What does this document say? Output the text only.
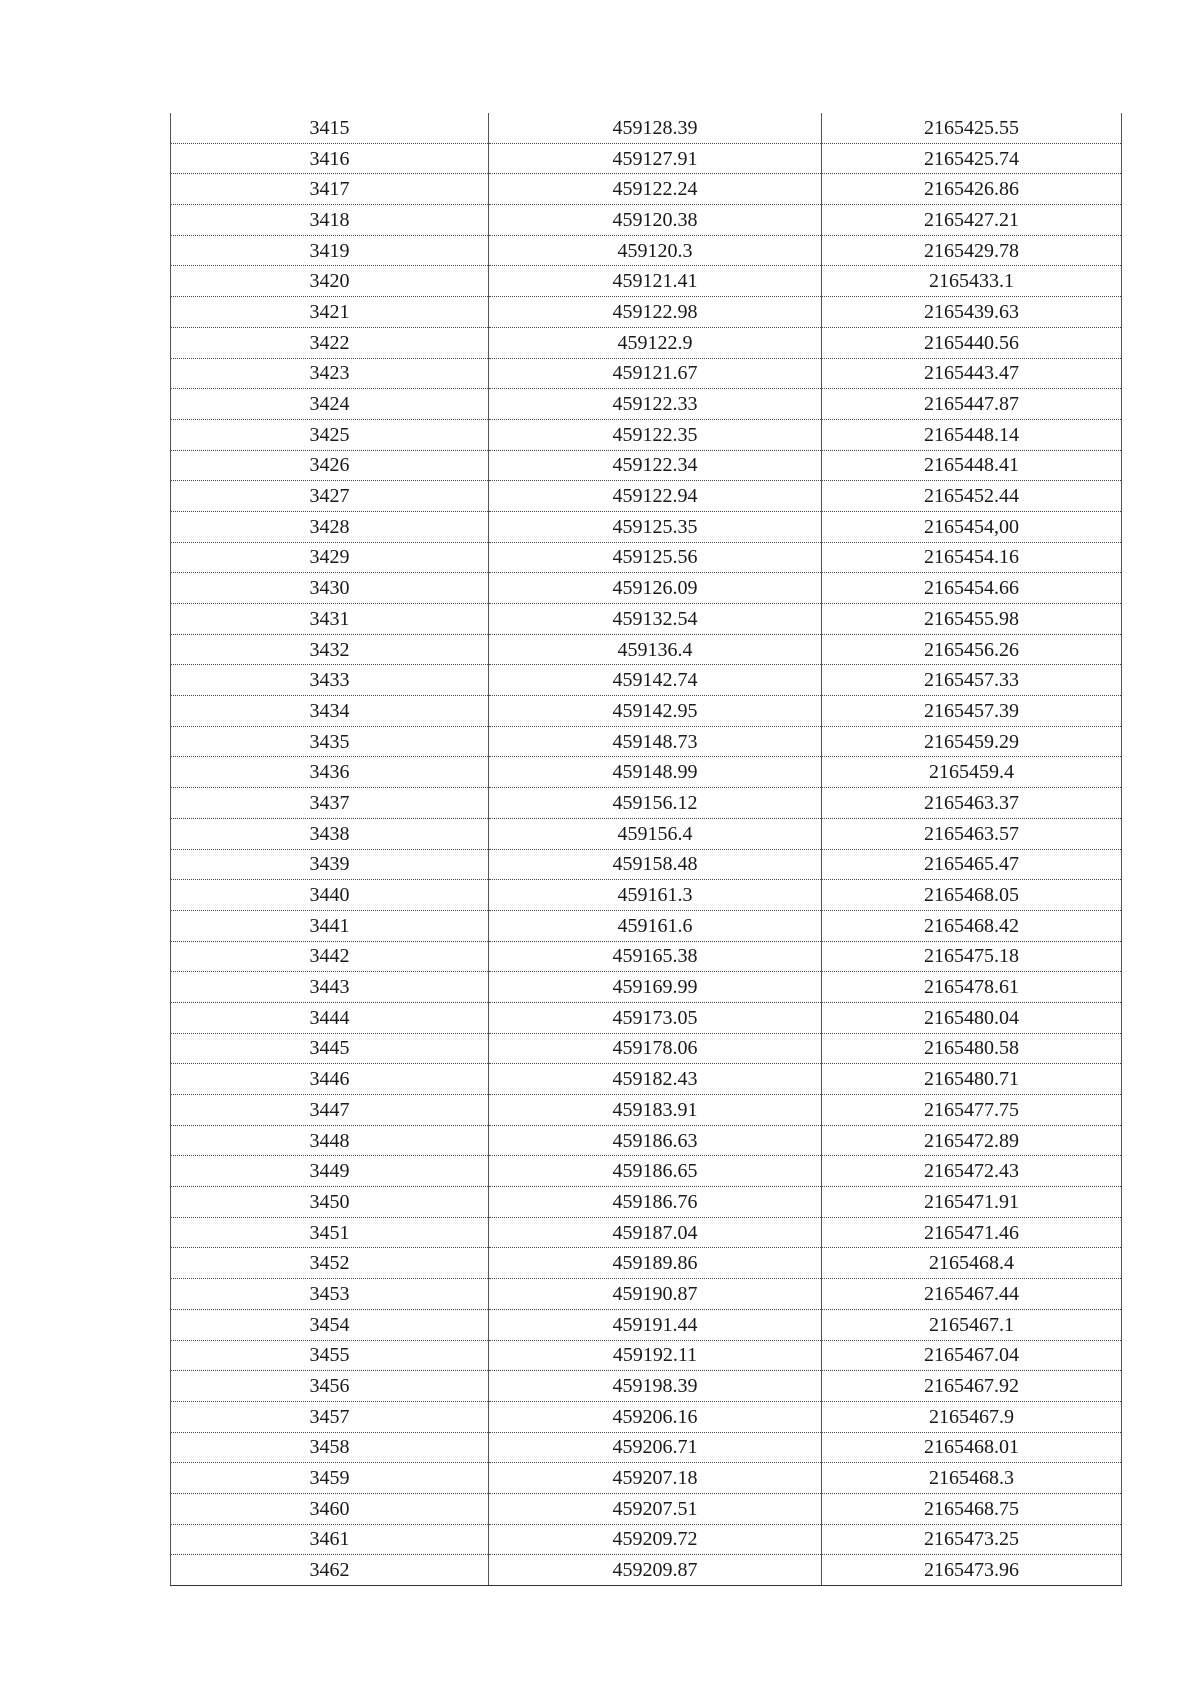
3415	459128.39	2165425.55
3416	459127.91	2165425.74
3417	459122.24	2165426.86
3418	459120.38	2165427.21
3419	459120.3	2165429.78
3420	459121.41	2165433.1
3421	459122.98	2165439.63
3422	459122.9	2165440.56
3423	459121.67	2165443.47
3424	459122.33	2165447.87
3425	459122.35	2165448.14
3426	459122.34	2165448.41
3427	459122.94	2165452.44
3428	459125.35	2165454,00
3429	459125.56	2165454.16
3430	459126.09	2165454.66
3431	459132.54	2165455.98
3432	459136.4	2165456.26
3433	459142.74	2165457.33
3434	459142.95	2165457.39
3435	459148.73	2165459.29
3436	459148.99	2165459.4
3437	459156.12	2165463.37
3438	459156.4	2165463.57
3439	459158.48	2165465.47
3440	459161.3	2165468.05
3441	459161.6	2165468.42
3442	459165.38	2165475.18
3443	459169.99	2165478.61
3444	459173.05	2165480.04
3445	459178.06	2165480.58
3446	459182.43	2165480.71
3447	459183.91	2165477.75
3448	459186.63	2165472.89
3449	459186.65	2165472.43
3450	459186.76	2165471.91
3451	459187.04	2165471.46
3452	459189.86	2165468.4
3453	459190.87	2165467.44
3454	459191.44	2165467.1
3455	459192.11	2165467.04
3456	459198.39	2165467.92
3457	459206.16	2165467.9
3458	459206.71	2165468.01
3459	459207.18	2165468.3
3460	459207.51	2165468.75
3461	459209.72	2165473.25
3462	459209.87	2165473.96
